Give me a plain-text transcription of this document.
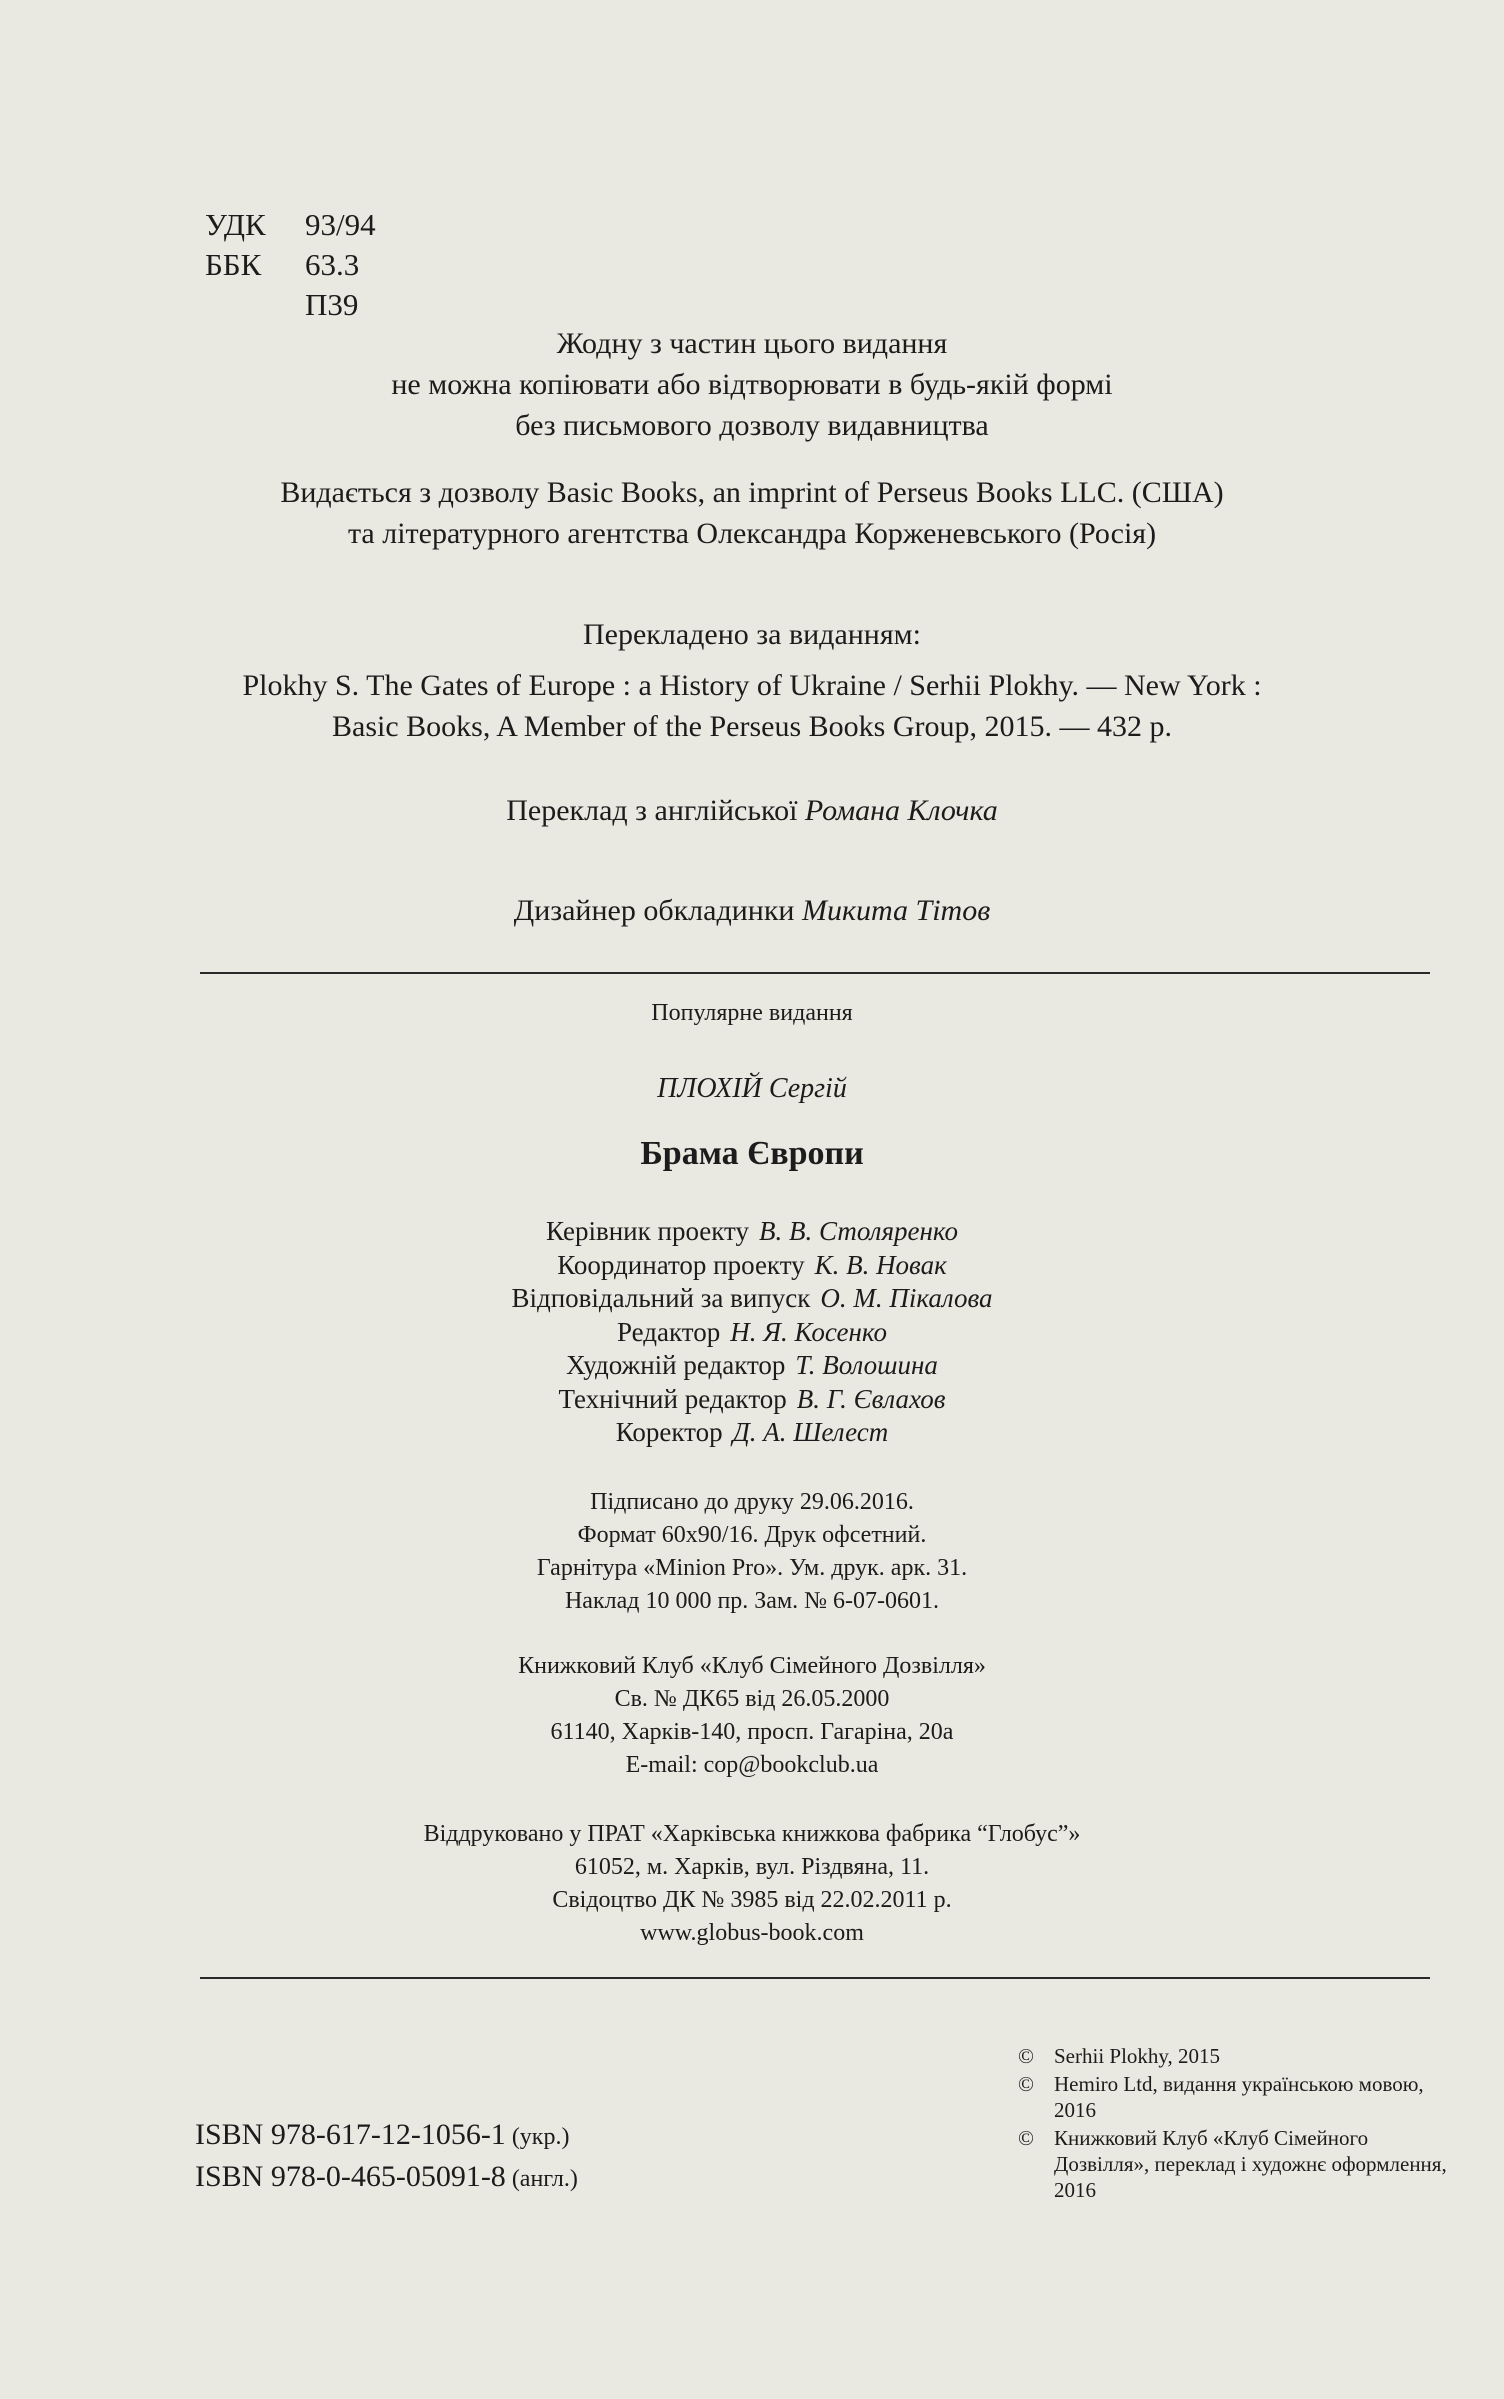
УДК	93/94
ББК	63.3
П39
Жодну з частин цього видання
не можна копіювати або відтворювати в будь-якій формі
без письмового дозволу видавництва
Видається з дозволу Basic Books, an imprint of Perseus Books LLC. (США)
та літературного агентства Олександра Корженевського (Росія)
Перекладено за виданням:
Plokhy S. The Gates of Europe : a History of Ukraine / Serhii Plokhy. — New York :
Basic Books, A Member of the Perseus Books Group, 2015. — 432 p.
Переклад з англійської Романа Клочка
Дизайнер обкладинки Микита Тітов
Популярне видання
ПЛОХІЙ Сергій
Брама Європи
Керівник проекту В. В. Столяренко
Координатор проекту К. В. Новак
Відповідальний за випуск О. М. Пікалова
Редактор Н. Я. Косенко
Художній редактор Т. Волошина
Технічний редактор В. Г. Євлахов
Коректор Д. А. Шелест
Підписано до друку 29.06.2016.
Формат 60х90/16. Друк офсетний.
Гарнітура «Minion Pro». Ум. друк. арк. 31.
Наклад 10 000 пр. Зам. № 6-07-0601.
Книжковий Клуб «Клуб Сімейного Дозвілля»
Св. № ДК65 від 26.05.2000
61140, Харків-140, просп. Гагаріна, 20а
E-mail: cop@bookclub.ua
Віддруковано у ПРАТ «Харківська книжкова фабрика “Глобус”»
61052, м. Харків, вул. Різдвяна, 11.
Свідоцтво ДК № 3985 від 22.02.2011 р.
www.globus-book.com
ISBN 978-617-12-1056-1 (укр.)
ISBN 978-0-465-05091-8 (англ.)
© Serhii Plokhy, 2015
© Hemiro Ltd, видання українською мовою, 2016
© Книжковий Клуб «Клуб Сімейного Дозвілля», переклад і художнє оформлення, 2016
